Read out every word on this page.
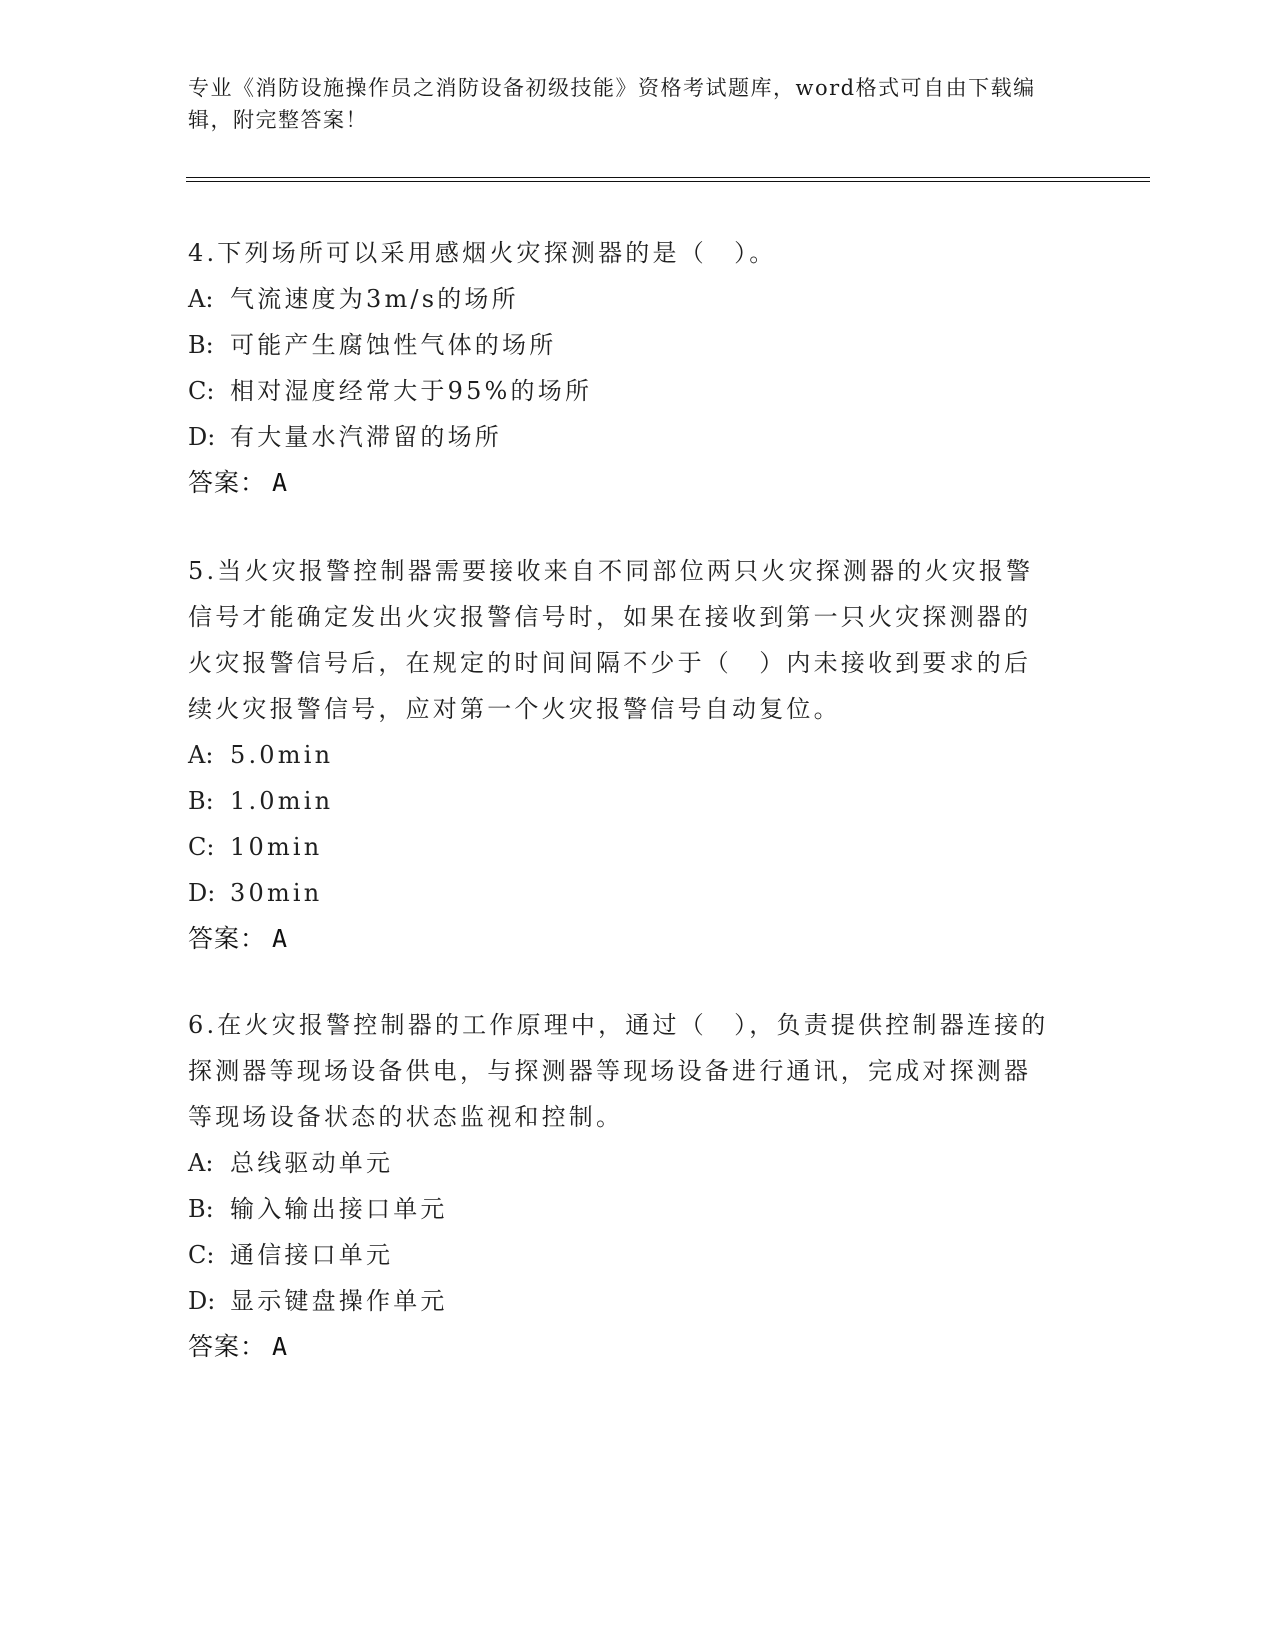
专业《消防设施操作员之消防设备初级技能》资格考试题库，word格式可自由下载编辑，附完整答案！

4.下列场所可以采用感烟火灾探测器的是（　）。

A: 气流速度为3m/s的场所

B: 可能产生腐蚀性气体的场所

C: 相对湿度经常大于95%的场所

D: 有大量水汽滞留的场所

答案： A

5.当火灾报警控制器需要接收来自不同部位两只火灾探测器的火灾报警信号才能确定发出火灾报警信号时，如果在接收到第一只火灾探测器的火灾报警信号后，在规定的时间间隔不少于（　）内未接收到要求的后续火灾报警信号，应对第一个火灾报警信号自动复位。

A: 5.0min

B: 1.0min

C: 10min

D: 30min

答案： A

6.在火灾报警控制器的工作原理中，通过（　），负责提供控制器连接的探测器等现场设备供电，与探测器等现场设备进行通讯，完成对探测器等现场设备状态的状态监视和控制。

A: 总线驱动单元

B: 输入输出接口单元

C: 通信接口单元

D: 显示键盘操作单元

答案： A
